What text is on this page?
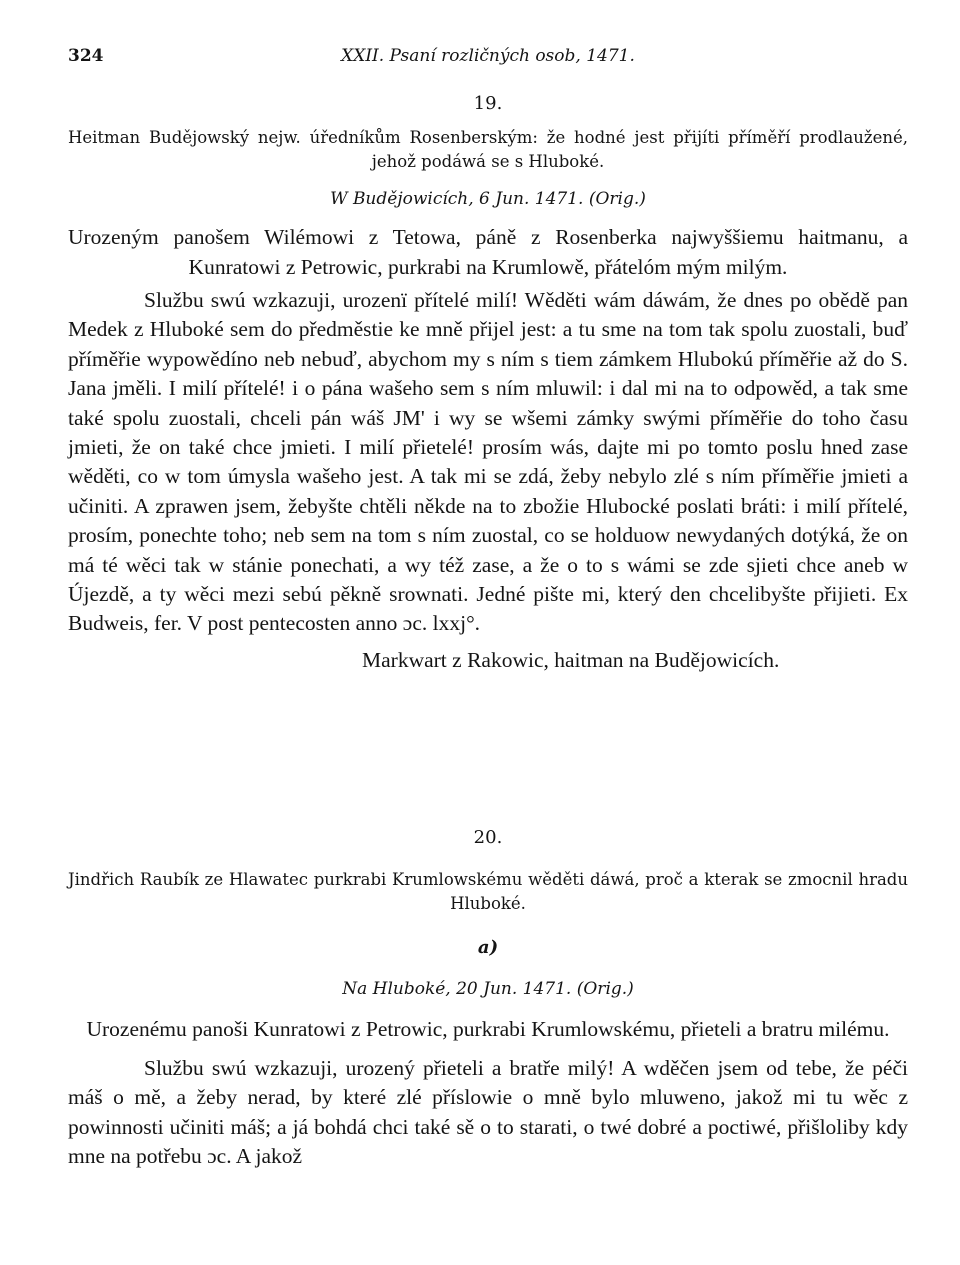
324	XXII. Psaní rozličných osob, 1471.
19.
Heitman Budějowský nejw. úředníkům Rosenberským: že hodné jest přijíti příměří prodlaužené, jehož podáwá se s Hluboké.
W Budějowicích, 6 Jun. 1471. (Orig.)
Urozeným panošem Wilémowi z Tetowa, páně z Rosenberka najwyššiemu haitmanu, a Kunratowi z Petrowic, purkrabi na Krumlowě, přátelóm mým milým.

Službu swú wzkazuji, urozenï přítelé milí! Wěděti wám dáwám, že dnes po obědě pan Medek z Hluboké sem do předměstie ke mně přijel jest: a tu sme na tom tak spolu zuostali, buď příměřie wypowědíno neb nebuď, abychom my s ním s tiem zámkem Hlubokú příměřie až do S. Jana jměli. I milí přítelé! i o pána wašeho sem s ním mluwil: i dal mi na to odpowěd, a tak sme také spolu zuostali, chceli pán wáš JM' i wy se wšemi zámky swými příměřie do toho času jmieti, že on také chce jmieti. I milí přietelé! prosím wás, dajte mi po tomto poslu hned zase wěděti, co w tom úmysla wašeho jest. A tak mi se zdá, žeby nebylo zlé s ním příměřie jmieti a učiniti. A zprawen jsem, žebyšte chtěli někde na to zbožie Hlubocké poslati bráti: i milí přítelé, prosím, ponechte toho; neb sem na tom s ním zuostal, co se holduow newydaných dotýká, že on má té wěci tak w stánie ponechati, a wy též zase, a že o to s wámi se zde sjieti chce aneb w Újezdě, a ty wěci mezi sebú pěkně srownati. Jedné pište mi, který den chcelibyšte přijieti. Ex Budweis, fer. V post pentecosten anno ɔc. lxxj°.

Markwart z Rakowic, haitman na Budějowicích.
20.
Jindřich Raubík ze Hlawatec purkrabi Krumlowskému wěděti dáwá, proč a kterak se zmocnil hradu Hluboké.
a)
Na Hluboké, 20 Jun. 1471. (Orig.)
Urozenému panoši Kunratowi z Petrowic, purkrabi Krumlowskému, přieteli a bratru milému.

Službu swú wzkazuji, urozený přieteli a bratře milý! A wděčen jsem od tebe, že péči máš o mě, a žeby nerad, by které zlé příslowie o mně bylo mluweno, jakož mi tu wěc z powinnosti učiniti máš; a já bohdá chci také sě o to starati, o twé dobré a poctiwé, přišlolibу kdy mne na potřebu ɔc. A jakož
